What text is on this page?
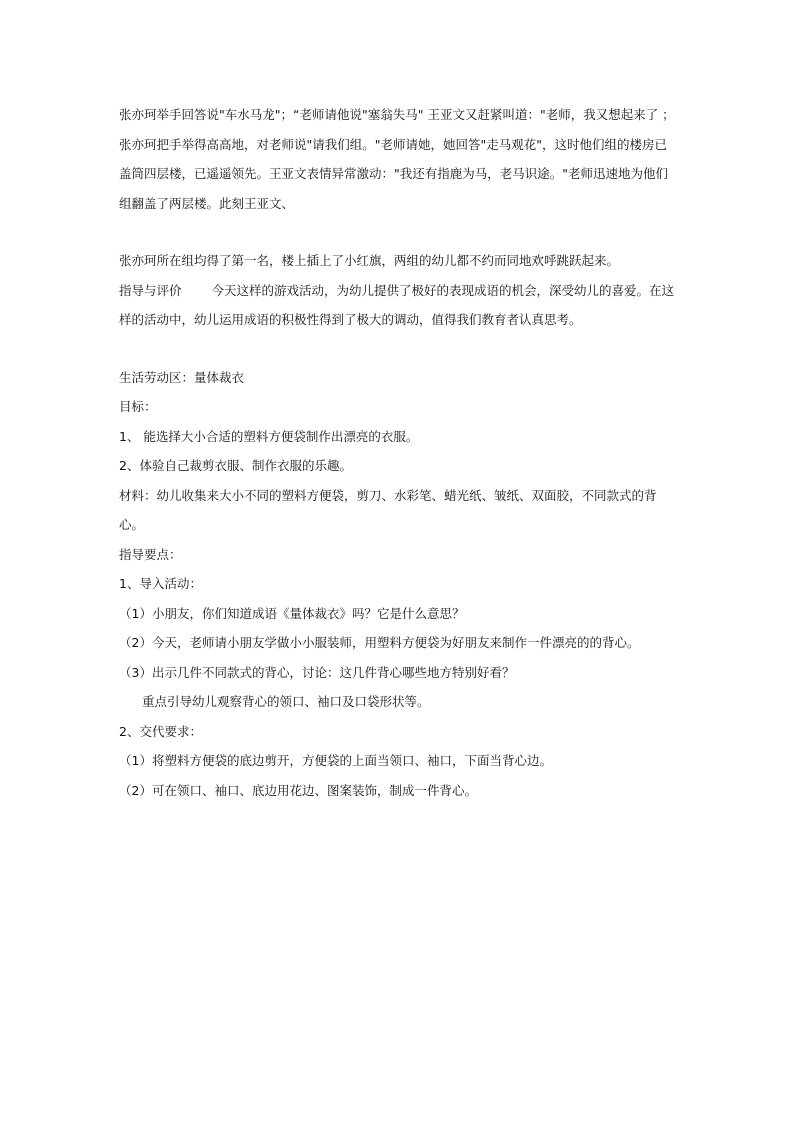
张亦珂举手回答说"车水马龙"；“老师请他说"塞翁失马" 王亚文又赶紧叫道："老师，我又想起来了 ；张亦珂把手举得高高地，对老师说"请我们组。"老师请她，她回答"走马观花"，这时他们组的楼房已盖筒四层楼，已遥遥领先。王亚文表情异常激动："我还有指鹿为马，老马识途。"老师迅速地为他们组翻盖了两层楼。此刻王亚文、

张亦珂所在组均得了第一名，楼上插上了小红旗，两组的幼儿都不约而同地欢呼跳跃起来。

指导与评价 今天这样的游戏活动，为幼儿提供了极好的表现成语的机会，深受幼儿的喜爱。在这样的活动中，幼儿运用成语的积极性得到了极大的调动，值得我们教育者认真思考。

生活劳动区：量体裁衣

目标：

1、 能选择大小合适的塑料方便袋制作出漂亮的衣服。

2、体验自己裁剪衣服、制作衣服的乐趣。

材料：幼儿收集来大小不同的塑料方便袋，剪刀、水彩笔、蜡光纸、皱纸、双面胶，不同款式的背心。

指导要点：

1、导入活动：

（1）小朋友，你们知道成语《量体裁衣》吗？它是什么意思？

（2）今天，老师请小朋友学做小小服装师，用塑料方便袋为好朋友来制作一件漂亮的的背心。

（3）出示几件不同款式的背心，讨论：这几件背心哪些地方特别好看？

重点引导幼儿观察背心的领口、袖口及口袋形状等。

2、交代要求：

（1）将塑料方便袋的底边剪开，方便袋的上面当领口、袖口，下面当背心边。

（2）可在领口、袖口、底边用花边、图案装饰，制成一件背心。
